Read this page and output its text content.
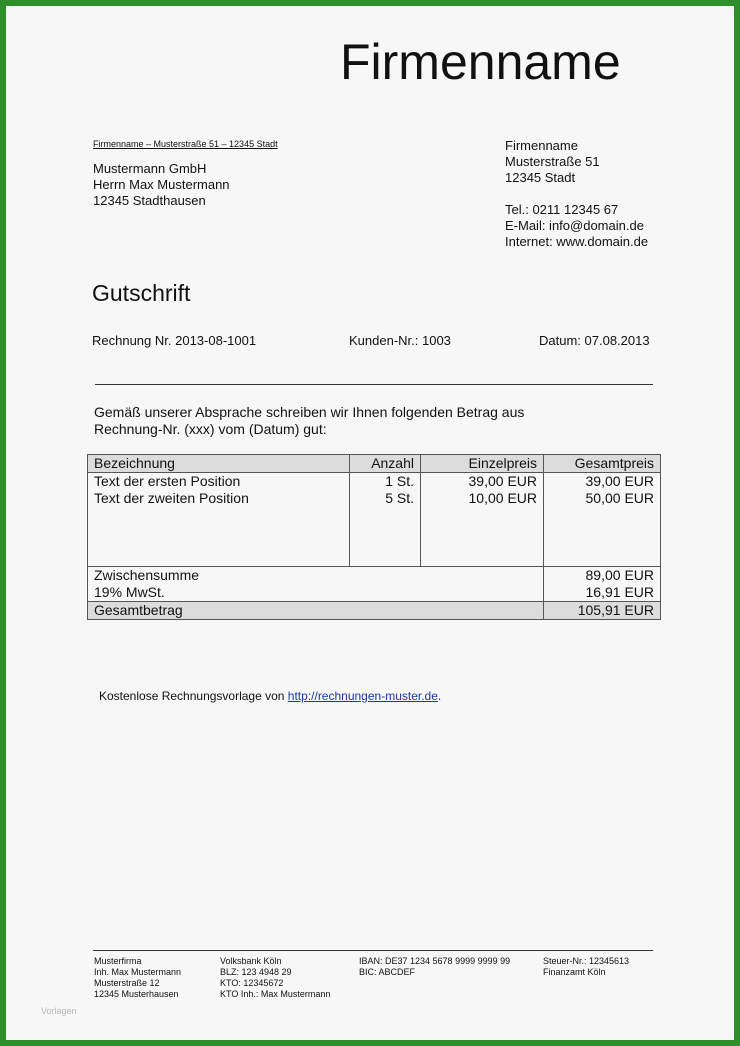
Firmenname
Firmenname – Musterstraße 51 – 12345 Stadt
Mustermann GmbH
Herrn Max Mustermann
12345 Stadthausen
Firmenname
Musterstraße 51
12345 Stadt
Tel.: 0211 12345 67
E-Mail: info@domain.de
Internet: www.domain.de
Gutschrift
Rechnung Nr. 2013-08-1001	Kunden-Nr.: 1003	Datum: 07.08.2013
Gemäß unserer Absprache schreiben wir Ihnen folgenden Betrag aus
Rechnung-Nr. (xxx) vom (Datum) gut:
Bezeichnung	Anzahl	Einzelpreis	Gesamtpreis
Text der ersten Position	1 St.	39,00 EUR	39,00 EUR
Text der zweiten Position	5 St.	10,00 EUR	50,00 EUR

Zwischensumme			89,00 EUR
19% MwSt.			16,91 EUR
Gesamtbetrag			105,91 EUR
Kostenlose Rechnungsvorlage von http://rechnungen-muster.de.
Musterfirma
Inh. Max Mustermann
Musterstraße 12
12345 Musterhausen
Volksbank Köln
BLZ: 123 4948 29
KTO: 12345672
KTO Inh.: Max Mustermann
IBAN: DE37 1234 5678 9999 9999 99
BIC: ABCDEF
Steuer-Nr.: 12345613
Finanzamt Köln
Vorlagen
